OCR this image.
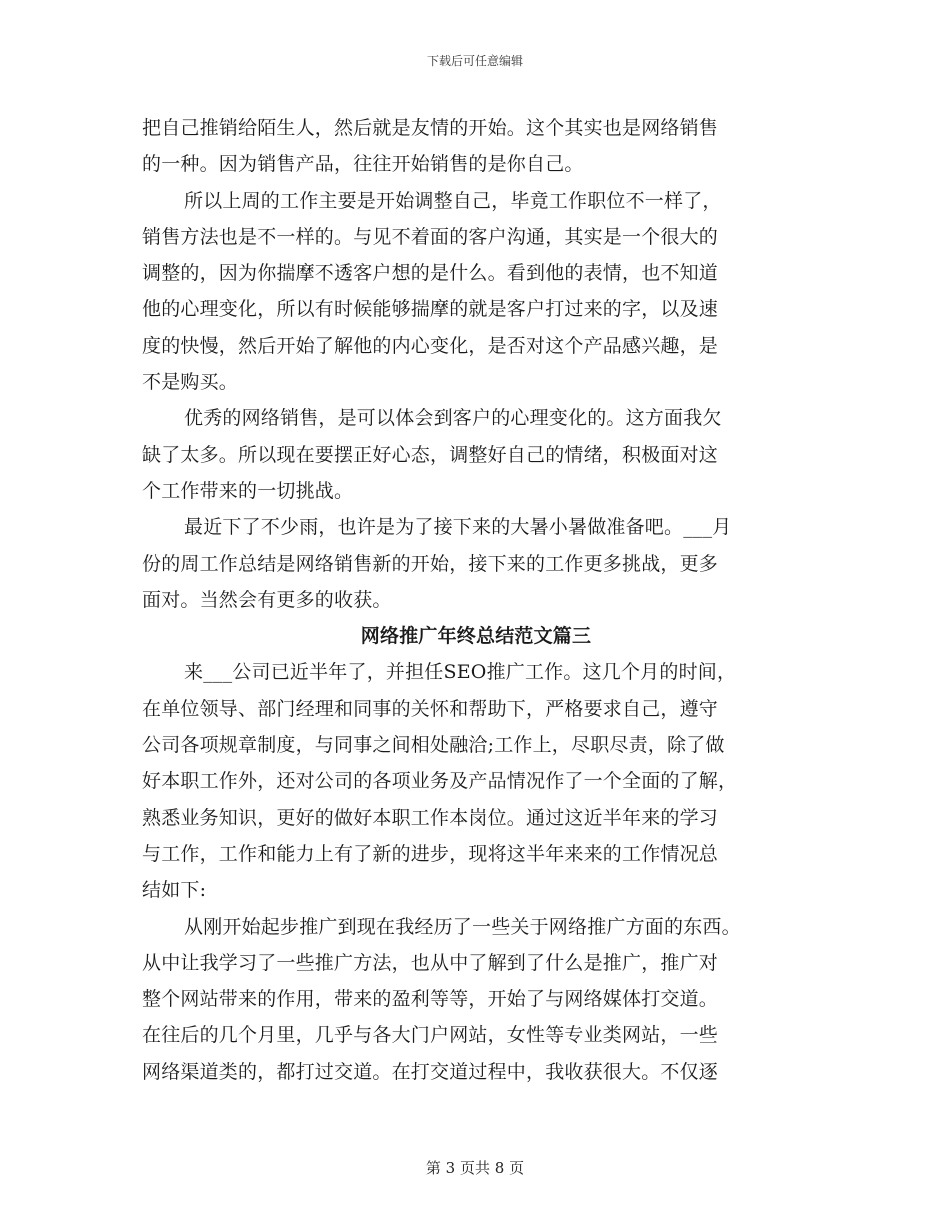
下载后可任意编辑
把自己推销给陌生人，然后就是友情的开始。这个其实也是网络销售
的一种。因为销售产品，往往开始销售的是你自己。
所以上周的工作主要是开始调整自己，毕竟工作职位不一样了，
销售方法也是不一样的。与见不着面的客户沟通，其实是一个很大的
调整的，因为你揣摩不透客户想的是什么。看到他的表情，也不知道
他的心理变化，所以有时候能够揣摩的就是客户打过来的字，以及速
度的快慢，然后开始了解他的内心变化，是否对这个产品感兴趣，是
不是购买。
优秀的网络销售，是可以体会到客户的心理变化的。这方面我欠
缺了太多。所以现在要摆正好心态，调整好自己的情绪，积极面对这
个工作带来的一切挑战。
最近下了不少雨，也许是为了接下来的大暑小暑做准备吧。___月
份的周工作总结是网络销售新的开始，接下来的工作更多挑战，更多
面对。当然会有更多的收获。
网络推广年终总结范文篇三
来___公司已近半年了，并担任SEO推广工作。这几个月的时间，
在单位领导、部门经理和同事的关怀和帮助下，严格要求自己，遵守
公司各项规章制度，与同事之间相处融洽;工作上，尽职尽责，除了做
好本职工作外，还对公司的各项业务及产品情况作了一个全面的了解，
熟悉业务知识，更好的做好本职工作本岗位。通过这近半年来的学习
与工作，工作和能力上有了新的进步，现将这半年来来的工作情况总
结如下:
从刚开始起步推广到现在我经历了一些关于网络推广方面的东西。
从中让我学习了一些推广方法，也从中了解到了什么是推广，推广对
整个网站带来的作用，带来的盈利等等，开始了与网络媒体打交道。
在往后的几个月里，几乎与各大门户网站，女性等专业类网站，一些
网络渠道类的，都打过交道。在打交道过程中，我收获很大。不仅逐
第 3 页共 8 页
